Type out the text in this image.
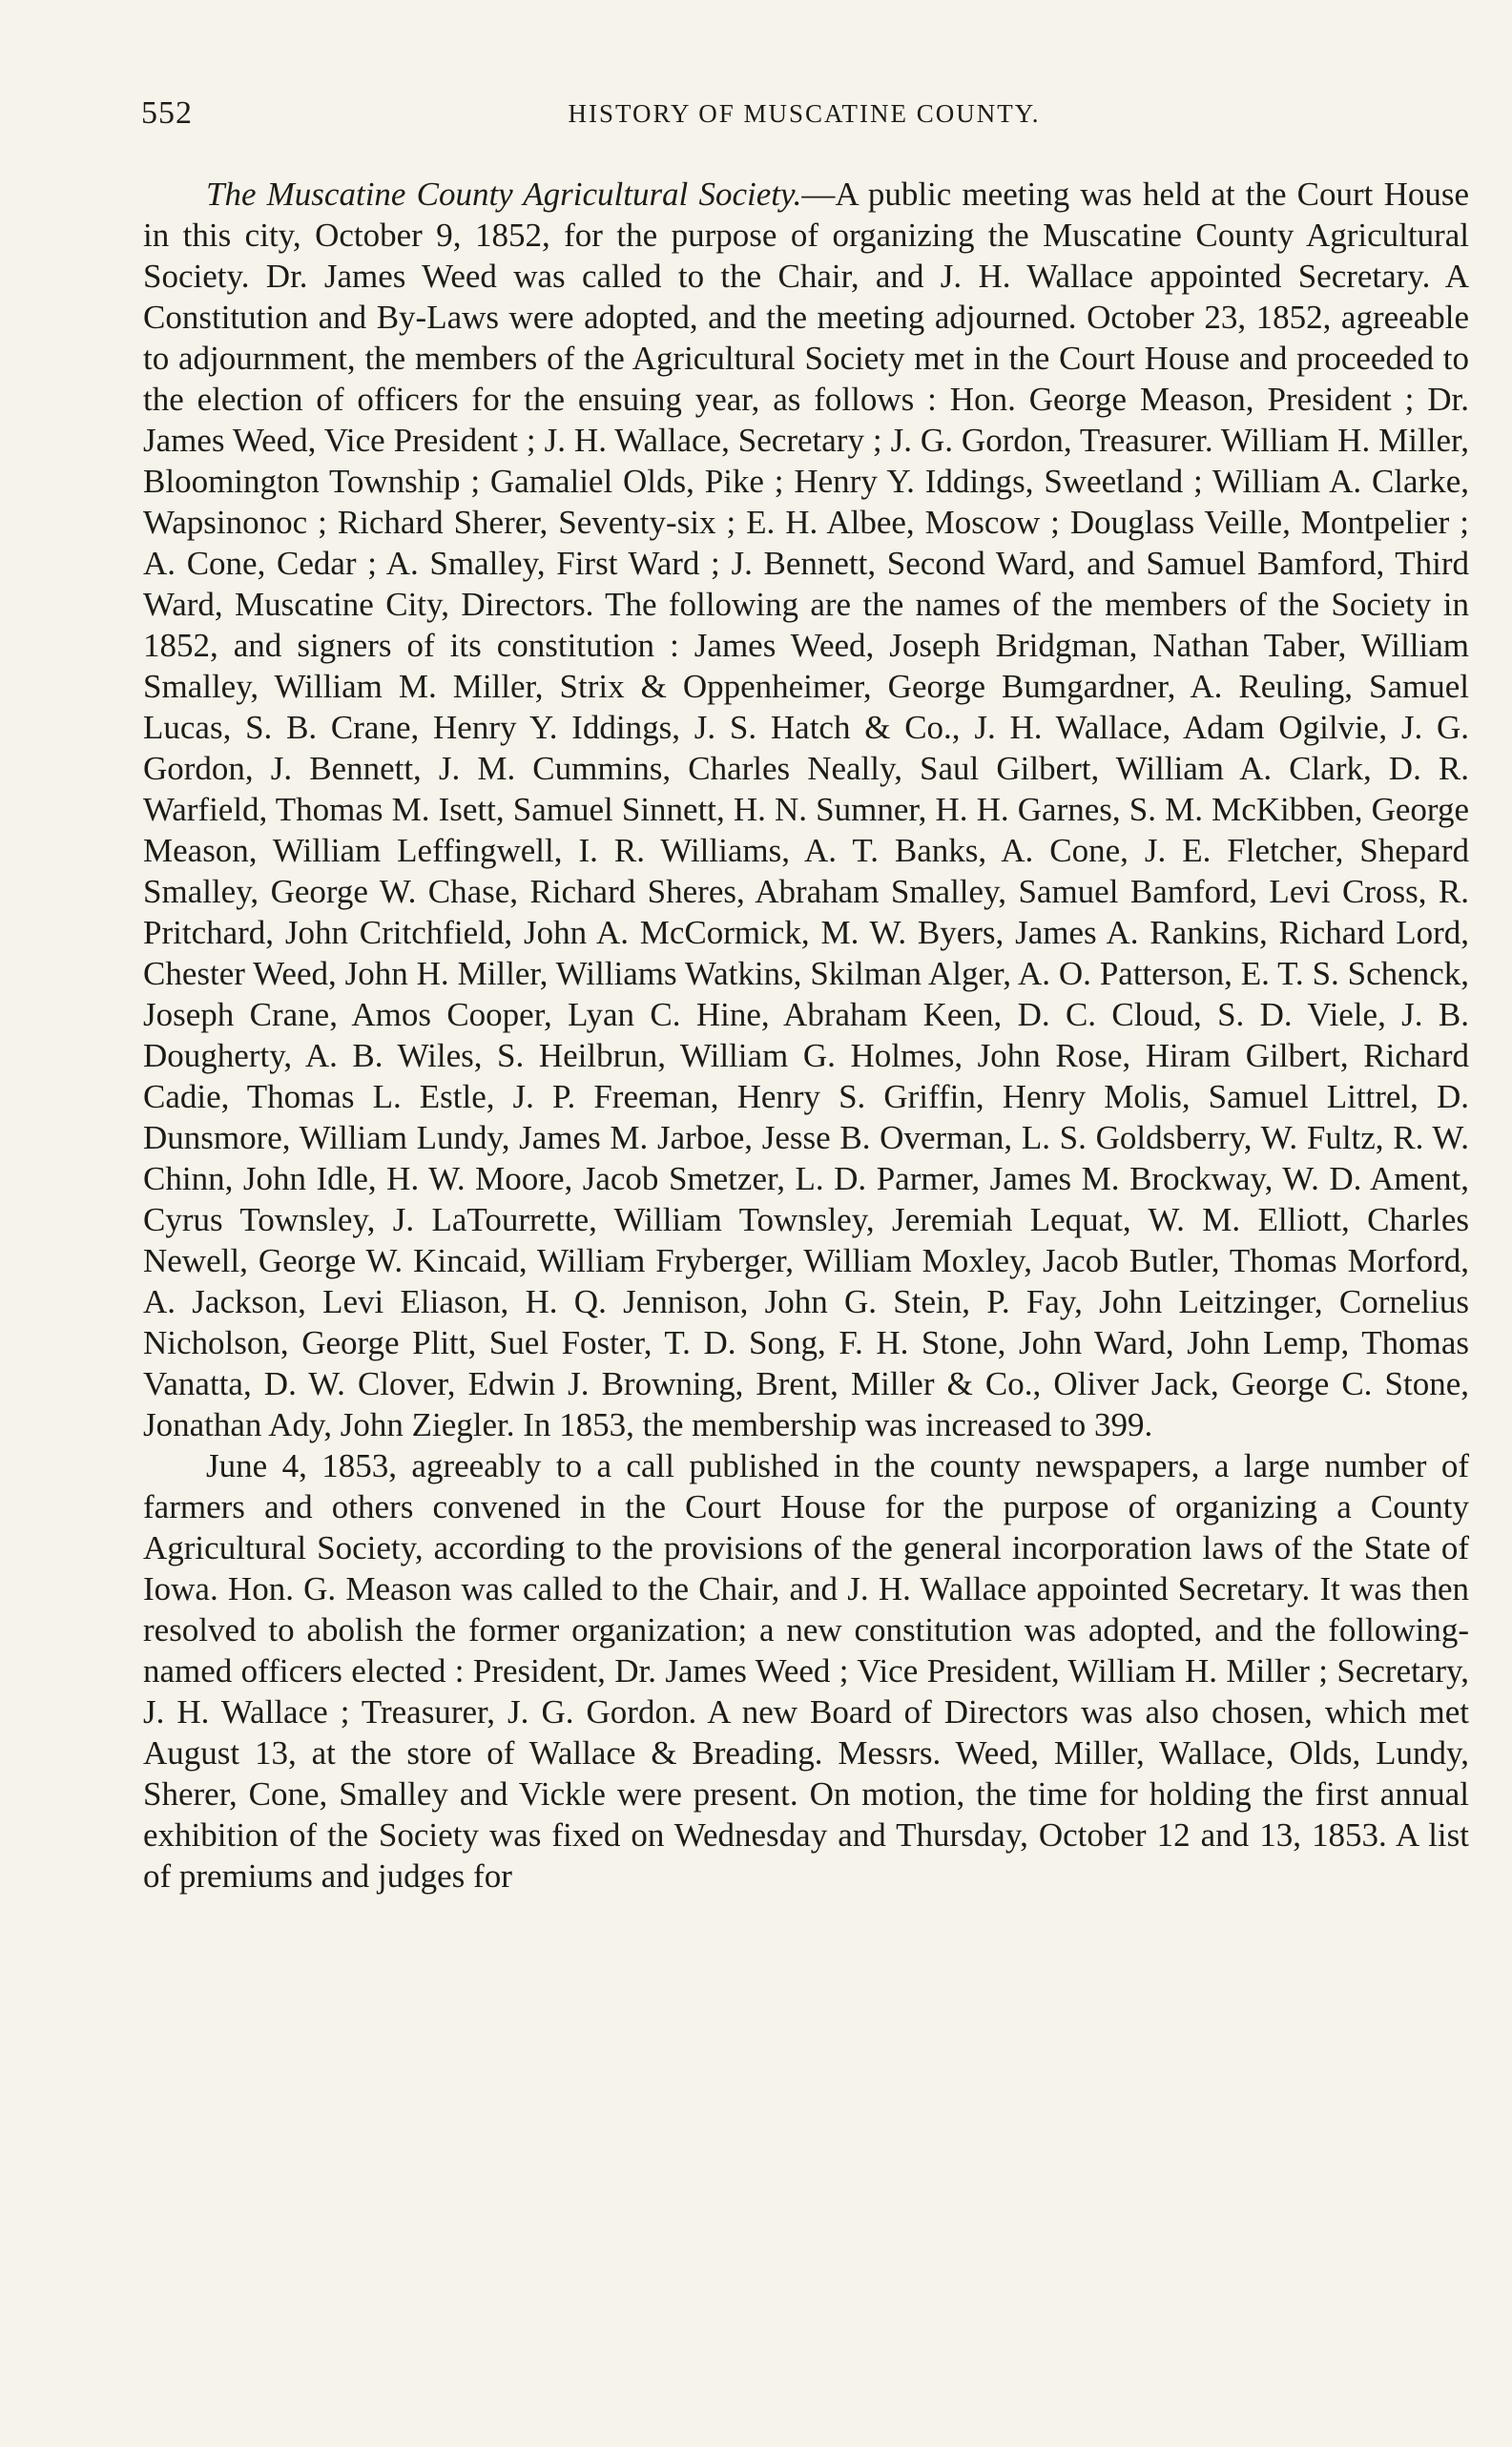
552	HISTORY OF MUSCATINE COUNTY.

The Muscatine County Agricultural Society.—A public meeting was held at the Court House in this city, October 9, 1852, for the purpose of organizing the Muscatine County Agricultural Society. Dr. James Weed was called to the Chair, and J. H. Wallace appointed Secretary. A Constitution and By-Laws were adopted, and the meeting adjourned. October 23, 1852, agreeable to adjournment, the members of the Agricultural Society met in the Court House and proceeded to the election of officers for the ensuing year, as follows : Hon. George Meason, President ; Dr. James Weed, Vice President ; J. H. Wallace, Secretary ; J. G. Gordon, Treasurer. William H. Miller, Bloomington Township ; Gamaliel Olds, Pike ; Henry Y. Iddings, Sweetland ; William A. Clarke, Wapsinonoc ; Richard Sherer, Seventy-six ; E. H. Albee, Moscow ; Douglass Veille, Montpelier ; A. Cone, Cedar ; A. Smalley, First Ward ; J. Bennett, Second Ward, and Samuel Bamford, Third Ward, Muscatine City, Directors. The following are the names of the members of the Society in 1852, and signers of its constitution : James Weed, Joseph Bridgman, Nathan Taber, William Smalley, William M. Miller, Strix & Oppenheimer, George Bumgardner, A. Reuling, Samuel Lucas, S. B. Crane, Henry Y. Iddings, J. S. Hatch & Co., J. H. Wallace, Adam Ogilvie, J. G. Gordon, J. Bennett, J. M. Cummins, Charles Neally, Saul Gilbert, William A. Clark, D. R. Warfield, Thomas M. Isett, Samuel Sinnett, H. N. Sumner, H. H. Garnes, S. M. McKibben, George Meason, William Leffingwell, I. R. Williams, A. T. Banks, A. Cone, J. E. Fletcher, Shepard Smalley, George W. Chase, Richard Sheres, Abraham Smalley, Samuel Bamford, Levi Cross, R. Pritchard, John Critchfield, John A. McCormick, M. W. Byers, James A. Rankins, Richard Lord, Chester Weed, John H. Miller, Williams Watkins, Skilman Alger, A. O. Patterson, E. T. S. Schenck, Joseph Crane, Amos Cooper, Lyan C. Hine, Abraham Keen, D. C. Cloud, S. D. Viele, J. B. Dougherty, A. B. Wiles, S. Heilbrun, William G. Holmes, John Rose, Hiram Gilbert, Richard Cadie, Thomas L. Estle, J. P. Freeman, Henry S. Griffin, Henry Molis, Samuel Littrel, D. Dunsmore, William Lundy, James M. Jarboe, Jesse B. Overman, L. S. Goldsberry, W. Fultz, R. W. Chinn, John Idle, H. W. Moore, Jacob Smetzer, L. D. Parmer, James M. Brockway, W. D. Ament, Cyrus Townsley, J. LaTourrette, William Townsley, Jeremiah Lequat, W. M. Elliott, Charles Newell, George W. Kincaid, William Fryberger, William Moxley, Jacob Butler, Thomas Morford, A. Jackson, Levi Eliason, H. Q. Jennison, John G. Stein, P. Fay, John Leitzinger, Cornelius Nicholson, George Plitt, Suel Foster, T. D. Song, F. H. Stone, John Ward, John Lemp, Thomas Vanatta, D. W. Clover, Edwin J. Browning, Brent, Miller & Co., Oliver Jack, George C. Stone, Jonathan Ady, John Ziegler. In 1853, the membership was increased to 399.

June 4, 1853, agreeably to a call published in the county newspapers, a large number of farmers and others convened in the Court House for the purpose of organizing a County Agricultural Society, according to the provisions of the general incorporation laws of the State of Iowa. Hon. G. Meason was called to the Chair, and J. H. Wallace appointed Secretary. It was then resolved to abolish the former organization; a new constitution was adopted, and the following-named officers elected : President, Dr. James Weed ; Vice President, William H. Miller ; Secretary, J. H. Wallace ; Treasurer, J. G. Gordon. A new Board of Directors was also chosen, which met August 13, at the store of Wallace & Breading. Messrs. Weed, Miller, Wallace, Olds, Lundy, Sherer, Cone, Smalley and Vickle were present. On motion, the time for holding the first annual exhibition of the Society was fixed on Wednesday and Thursday, October 12 and 13, 1853. A list of premiums and judges for
